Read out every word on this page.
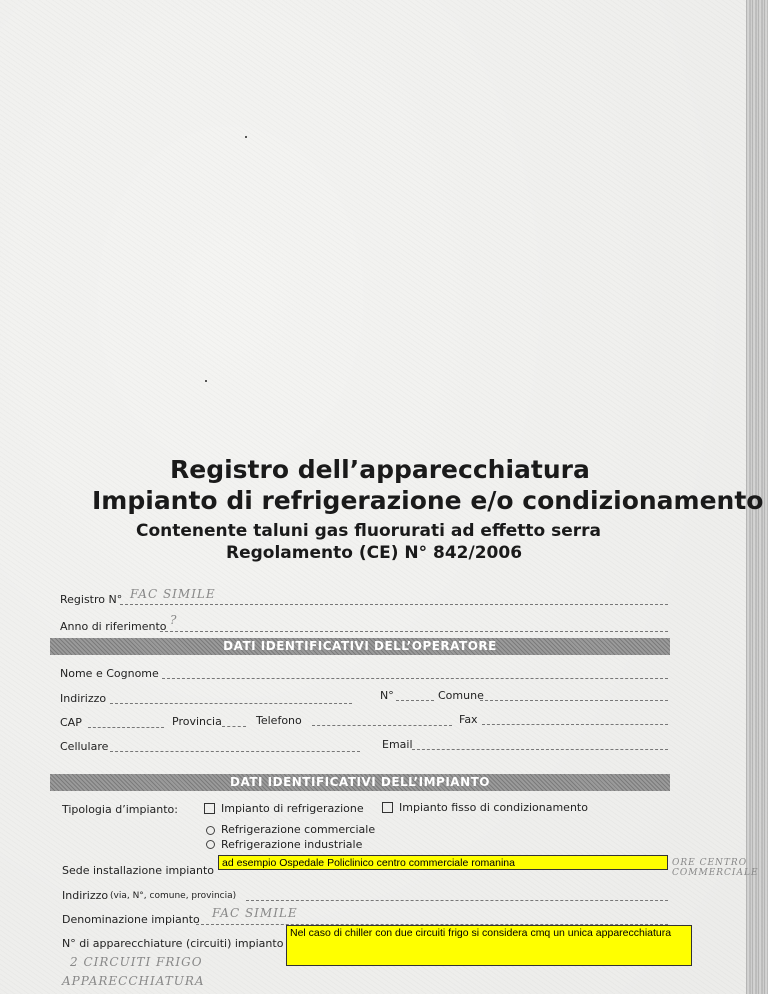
Registro dell’apparecchiatura
Impianto di refrigerazione e/o condizionamento
Contenente taluni gas fluorurati ad effetto serra
Regolamento (CE) N° 842/2006
Registro N° FAC SIMILE
Anno di riferimento ?
DATI IDENTIFICATIVI DELL’OPERATORE
Nome e Cognome
Indirizzo	N°	Comune
CAP	Provincia	Telefono	Fax
Cellulare	Email
DATI IDENTIFICATIVI DELL’IMPIANTO
Tipologia d’impianto:	Impianto di refrigerazione	Impianto fisso di condizionamento
Refrigerazione commerciale
Refrigerazione industriale
Sede installazione impianto
ad esempio Ospedale Policlinico centro commerciale romanina	ORE CENTRO COMMERCIALE
Indirizzo (via, N°, comune, provincia)
Denominazione impianto FAC SIMILE
N° di apparecchiature (circuiti) impianto
Nel caso di chiller con due circuiti frigo si considera cmq un unica apparecchiatura
2 CIRCUITI FRIGO
APPARECCHIATURA
